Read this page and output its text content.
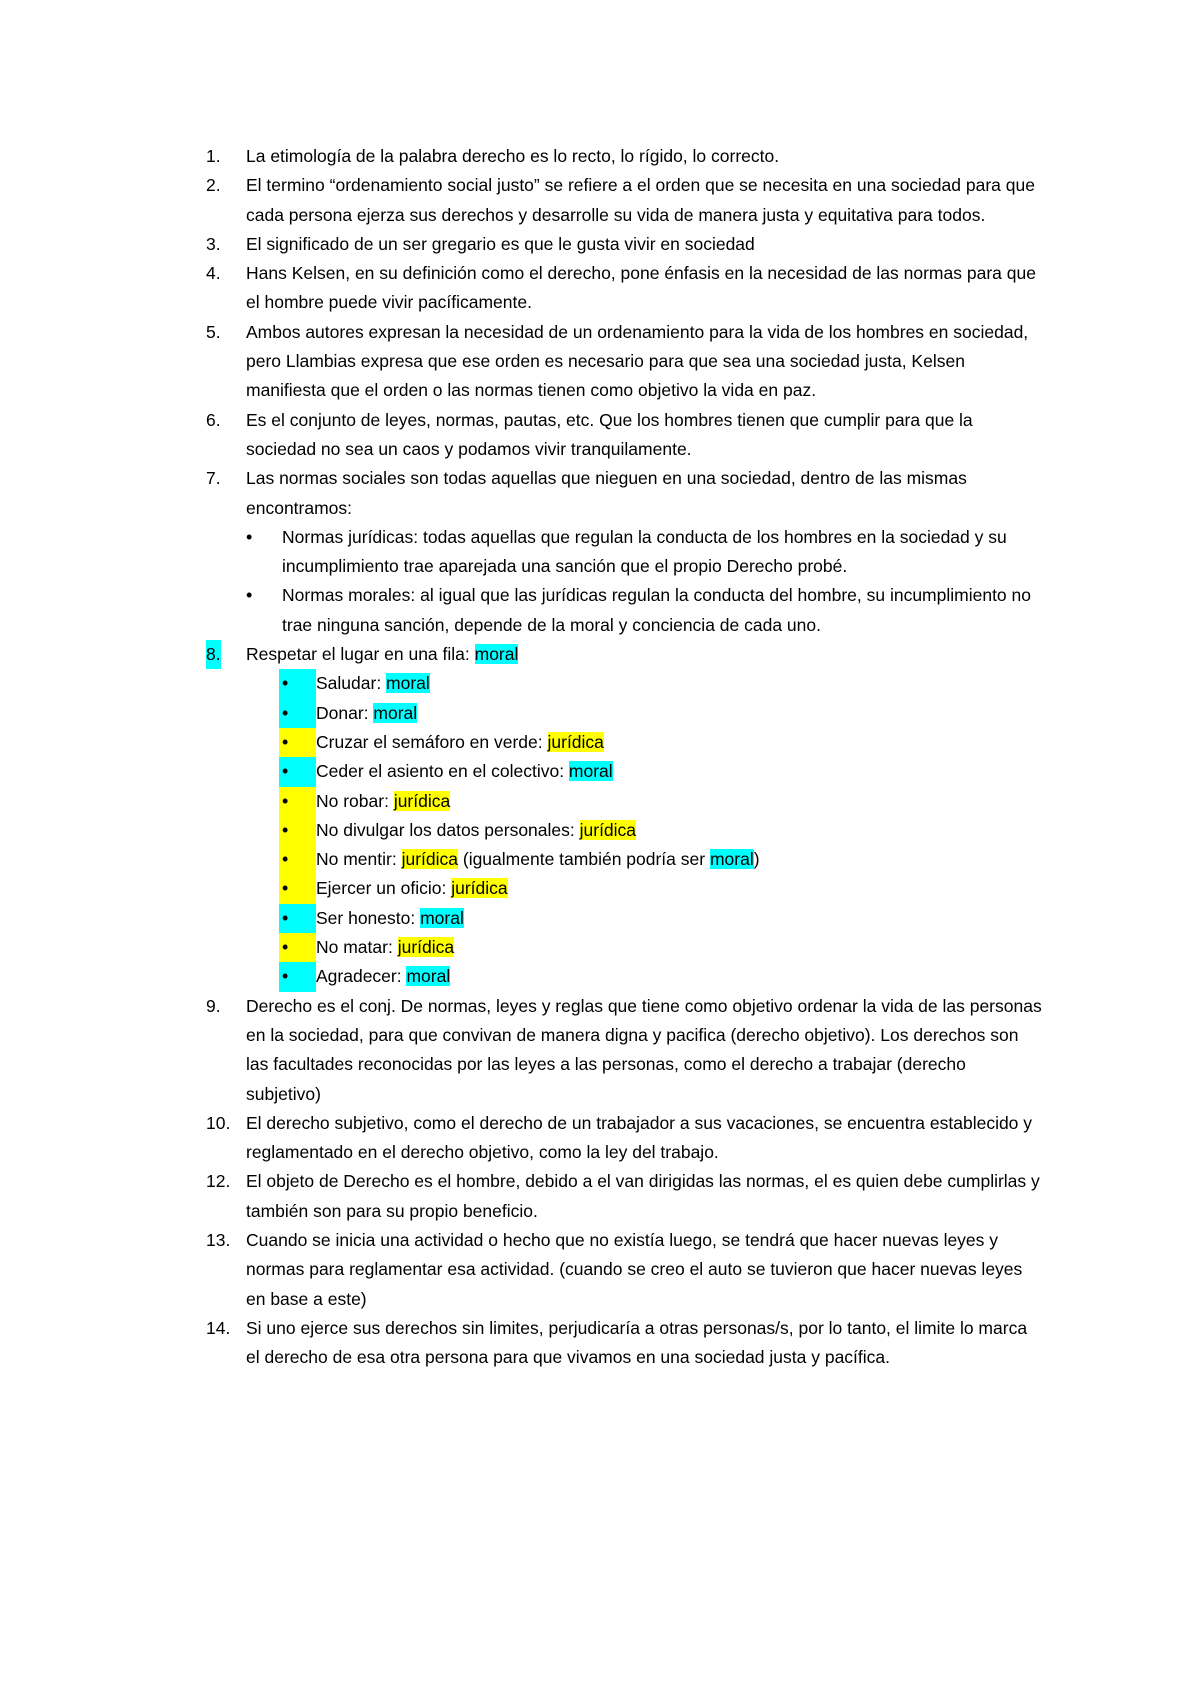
1. La etimología de la palabra derecho es lo recto, lo rígido, lo correcto.
2. El termino “ordenamiento social justo” se refiere a el orden que se necesita en una sociedad para que cada persona ejerza sus derechos y desarrolle su vida de manera justa y equitativa para todos.
3. El significado de un ser gregario es que le gusta vivir en sociedad
4. Hans Kelsen, en su definición como el derecho, pone énfasis en la necesidad de las normas para que el hombre puede vivir pacíficamente.
5. Ambos autores expresan la necesidad de un ordenamiento para la vida de los hombres en sociedad, pero Llambias expresa que ese orden es necesario para que sea una sociedad justa, Kelsen manifiesta que el orden o las normas tienen como objetivo la vida en paz.
6. Es el conjunto de leyes, normas, pautas, etc. Que los hombres tienen que cumplir para que la sociedad no sea un caos y podamos vivir tranquilamente.
7. Las normas sociales son todas aquellas que nieguen en una sociedad, dentro de las mismas encontramos:
•	Normas jurídicas: todas aquellas que regulan la conducta de los hombres en la sociedad y su incumplimiento trae aparejada una sanción que el propio Derecho probé.
•	Normas morales: al igual que las jurídicas regulan la conducta del hombre, su incumplimiento no trae ninguna sanción, depende de la moral y conciencia de cada uno.
8. Respetar el lugar en una fila: moral
•	Saludar: moral
•	Donar: moral
•	Cruzar el semáforo en verde: jurídica
•	Ceder el asiento en el colectivo: moral
•	No robar: jurídica
•	No divulgar los datos personales: jurídica
•	No mentir: jurídica (igualmente también podría ser moral)
•	Ejercer un oficio: jurídica
•	Ser honesto: moral
•	No matar: jurídica
•	Agradecer: moral
9. Derecho es el conj. De normas, leyes y reglas que tiene como objetivo ordenar la vida de las personas en la sociedad, para que convivan de manera digna y pacifica (derecho objetivo). Los derechos son las facultades reconocidas por las leyes a las personas, como el derecho a trabajar (derecho subjetivo)
10. El derecho subjetivo, como el derecho de un trabajador a sus vacaciones, se encuentra establecido y reglamentado en el derecho objetivo, como la ley del trabajo.
12. El objeto de Derecho es el hombre, debido a el van dirigidas las normas, el es quien debe cumplirlas y también son para su propio beneficio.
13. Cuando se inicia una actividad o hecho que no existía luego, se tendrá que hacer nuevas leyes y normas para reglamentar esa actividad. (cuando se creo el auto se tuvieron que hacer nuevas leyes en base a este)
14. Si uno ejerce sus derechos sin limites, perjudicaría a otras personas/s, por lo tanto, el limite lo marca el derecho de esa otra persona para que vivamos en una sociedad justa y pacífica.
